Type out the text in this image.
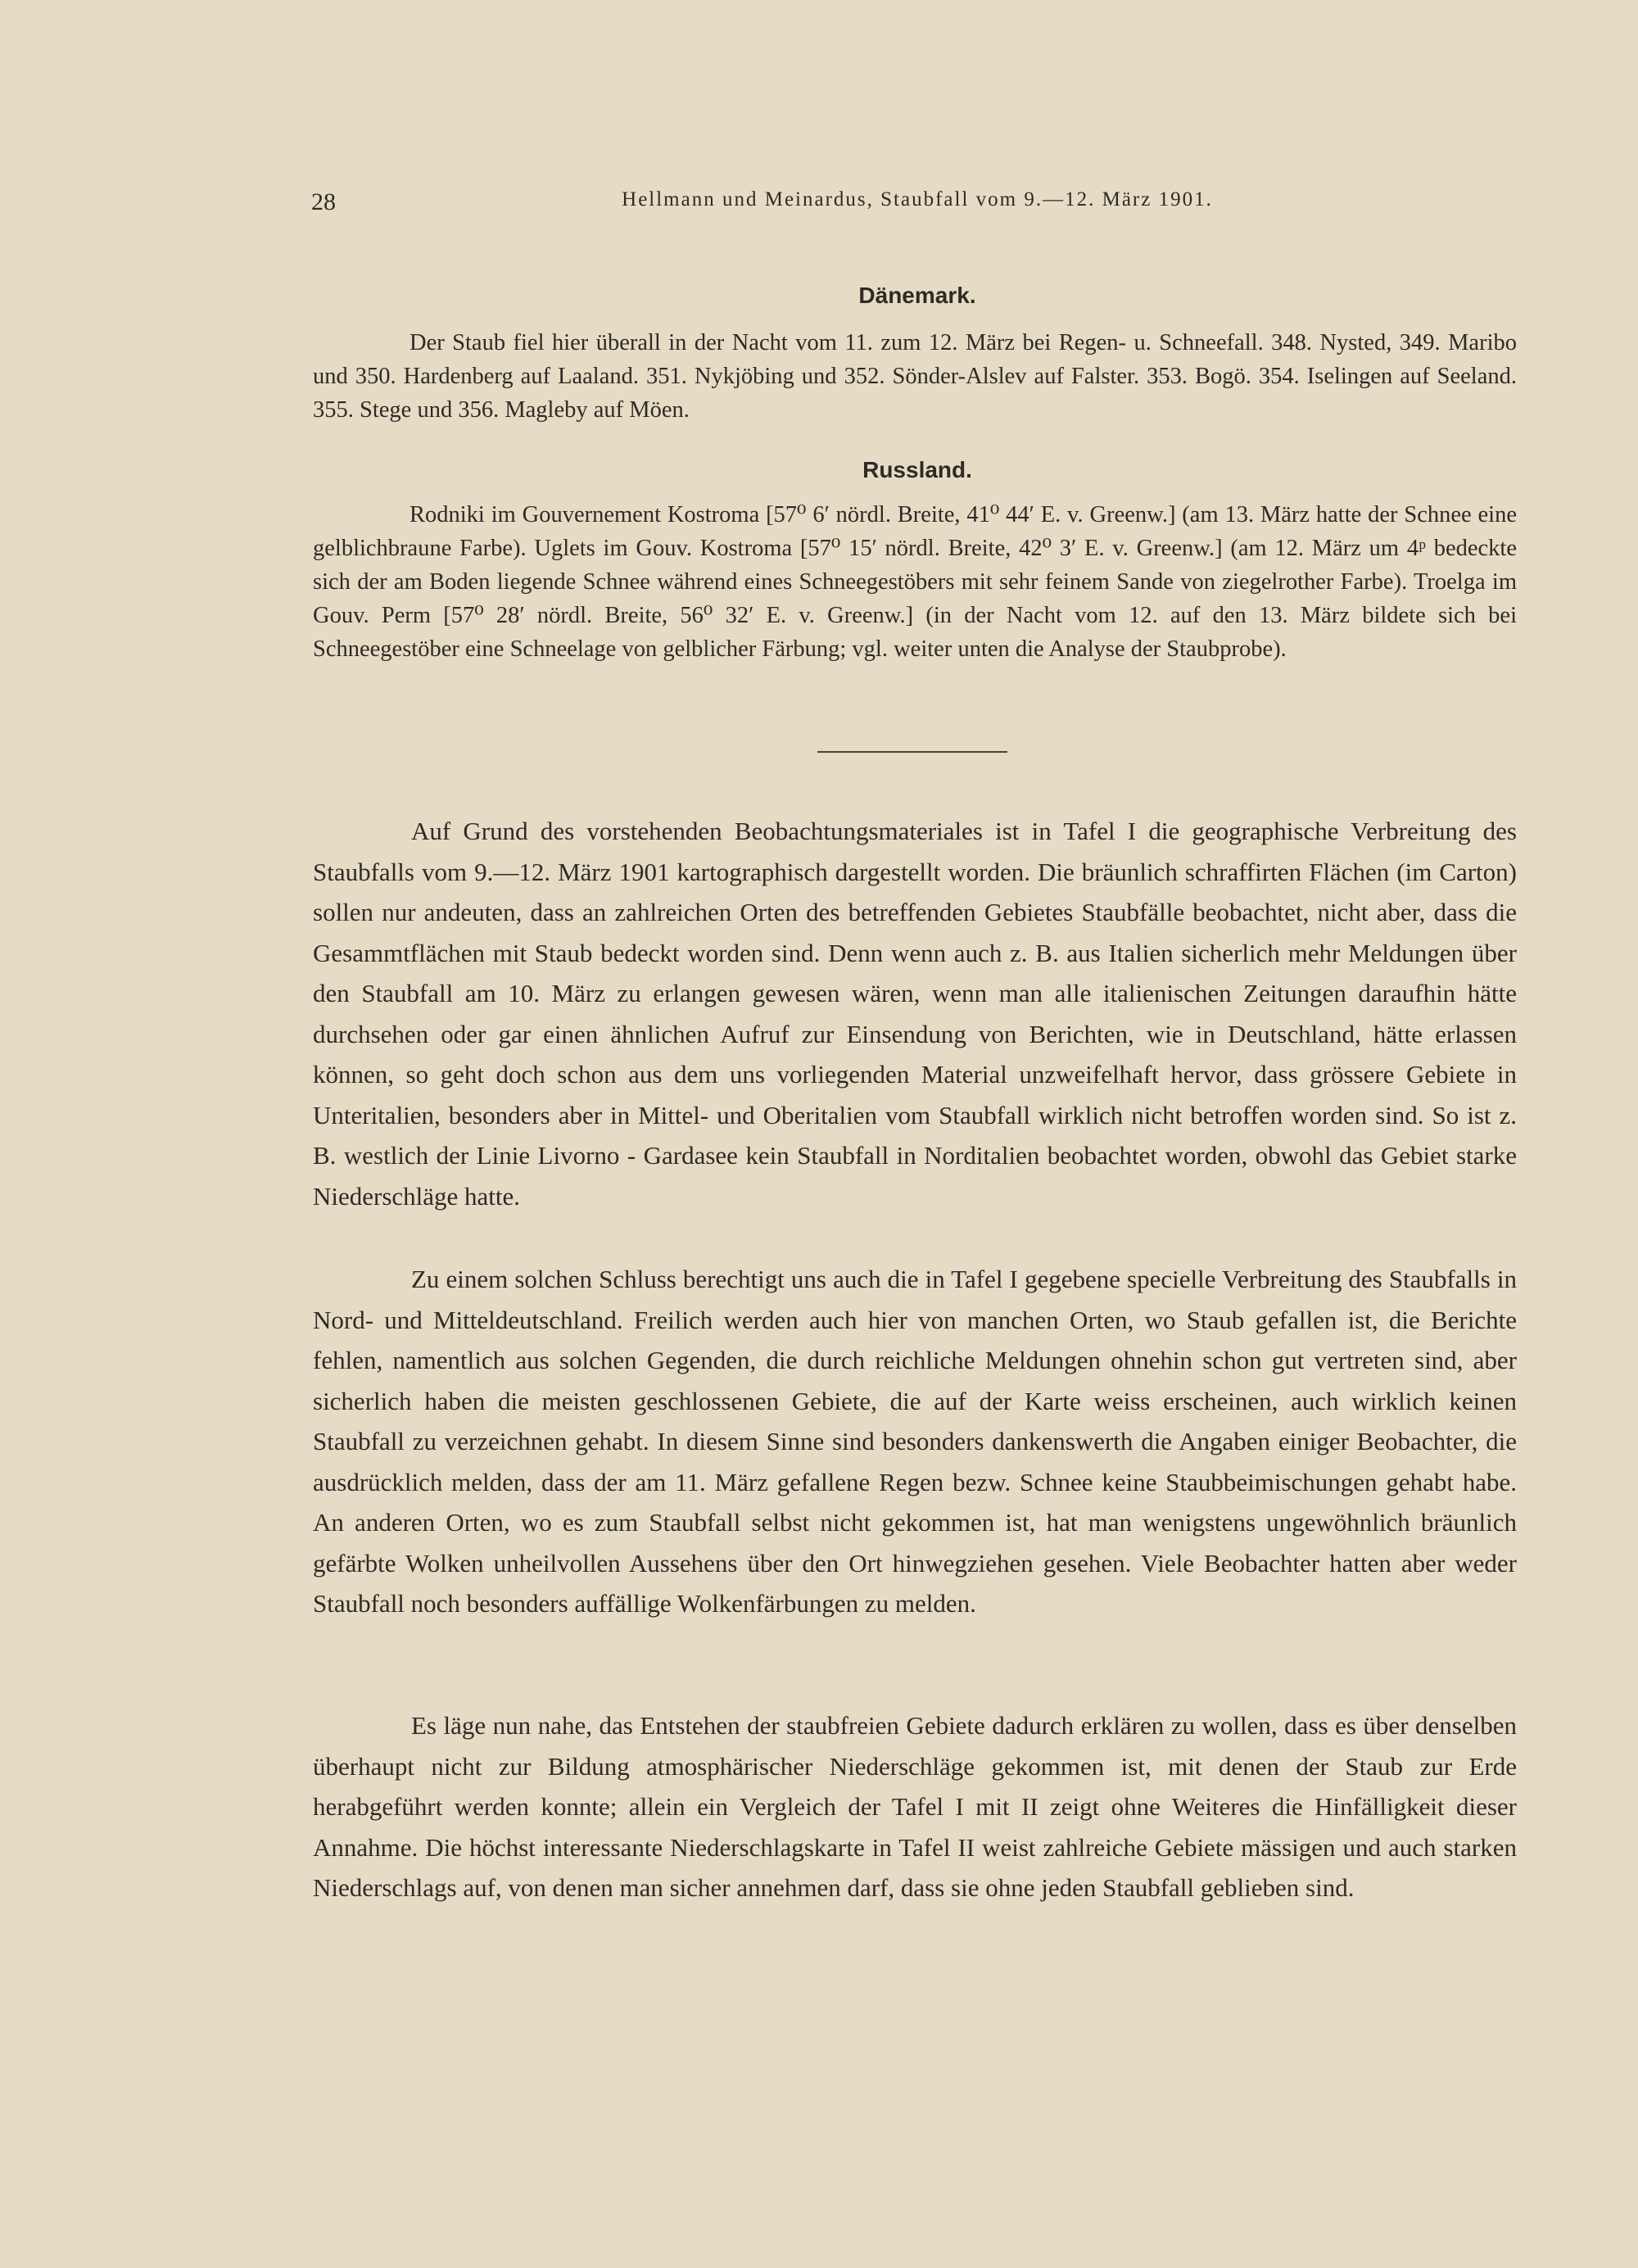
28	Hellmann und Meinardus, Staubfall vom 9.—12. März 1901.
Dänemark.

Der Staub fiel hier überall in der Nacht vom 11. zum 12. März bei Regen- u. Schneefall. 348. Nysted, 349. Maribo und 350. Hardenberg auf Laaland. 351. Nykjöbing und 352. Sönder-Alslev auf Falster. 353. Bogö. 354. Iselingen auf Seeland. 355. Stege und 356. Magleby auf Möen.

Russland.

Rodniki im Gouvernement Kostroma [57⁰ 6′ nördl. Breite, 41⁰ 44′ E. v. Greenw.] (am 13. März hatte der Schnee eine gelblichbraune Farbe). Uglets im Gouv. Kostroma [57⁰ 15′ nördl. Breite, 42⁰ 3′ E. v. Greenw.] (am 12. März um 4ᵖ bedeckte sich der am Boden liegende Schnee während eines Schneegestöbers mit sehr feinem Sande von ziegelrother Farbe). Troelga im Gouv. Perm [57⁰ 28′ nördl. Breite, 56⁰ 32′ E. v. Greenw.] (in der Nacht vom 12. auf den 13. März bildete sich bei Schneegestöber eine Schneelage von gelblicher Färbung; vgl. weiter unten die Analyse der Staubprobe).

Auf Grund des vorstehenden Beobachtungsmateriales ist in Tafel I die geographische Verbreitung des Staubfalls vom 9.—12. März 1901 kartographisch dargestellt worden. Die bräunlich schraffirten Flächen (im Carton) sollen nur andeuten, dass an zahlreichen Orten des betreffenden Gebietes Staubfälle beobachtet, nicht aber, dass die Gesammtflächen mit Staub bedeckt worden sind. Denn wenn auch z. B. aus Italien sicherlich mehr Meldungen über den Staubfall am 10. März zu erlangen gewesen wären, wenn man alle italienischen Zeitungen daraufhin hätte durchsehen oder gar einen ähnlichen Aufruf zur Einsendung von Berichten, wie in Deutschland, hätte erlassen können, so geht doch schon aus dem uns vorliegenden Material unzweifelhaft hervor, dass grössere Gebiete in Unteritalien, besonders aber in Mittel- und Oberitalien vom Staubfall wirklich nicht betroffen worden sind. So ist z. B. westlich der Linie Livorno - Gardasee kein Staubfall in Norditalien beobachtet worden, obwohl das Gebiet starke Niederschläge hatte.

Zu einem solchen Schluss berechtigt uns auch die in Tafel I gegebene specielle Verbreitung des Staubfalls in Nord- und Mitteldeutschland. Freilich werden auch hier von manchen Orten, wo Staub gefallen ist, die Berichte fehlen, namentlich aus solchen Gegenden, die durch reichliche Meldungen ohnehin schon gut vertreten sind, aber sicherlich haben die meisten geschlossenen Gebiete, die auf der Karte weiss erscheinen, auch wirklich keinen Staubfall zu verzeichnen gehabt. In diesem Sinne sind besonders dankenswerth die Angaben einiger Beobachter, die ausdrücklich melden, dass der am 11. März gefallene Regen bezw. Schnee keine Staubbeimischungen gehabt habe. An anderen Orten, wo es zum Staubfall selbst nicht gekommen ist, hat man wenigstens ungewöhnlich bräunlich gefärbte Wolken unheilvollen Aussehens über den Ort hinwegziehen gesehen. Viele Beobachter hatten aber weder Staubfall noch besonders auffällige Wolkenfärbungen zu melden.

Es läge nun nahe, das Entstehen der staubfreien Gebiete dadurch erklären zu wollen, dass es über denselben überhaupt nicht zur Bildung atmosphärischer Niederschläge gekommen ist, mit denen der Staub zur Erde herabgeführt werden konnte; allein ein Vergleich der Tafel I mit II zeigt ohne Weiteres die Hinfälligkeit dieser Annahme. Die höchst interessante Niederschlagskarte in Tafel II weist zahlreiche Gebiete mässigen und auch starken Niederschlags auf, von denen man sicher annehmen darf, dass sie ohne jeden Staubfall geblieben sind.
